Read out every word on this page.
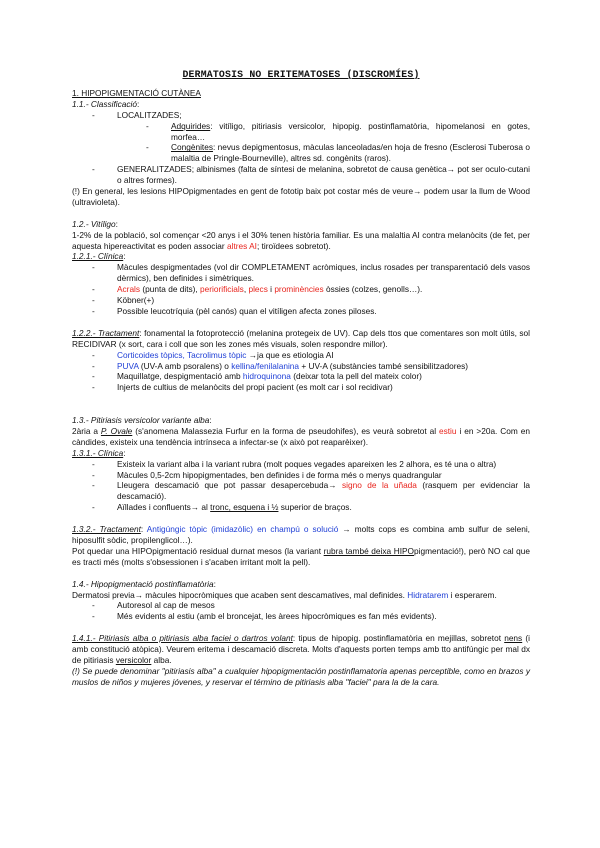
DERMATOSIS NO ERITEMATOSES (DISCROMÍES)

1. HIPOPIGMENTACIÓ CUTÀNEA

1.1.- Classificació:

- LOCALITZADES;
- Adquirides: vitíligo, pitiriasis versicolor, hipopig. postinflamatòria, hipomelanosi en gotes, morfea…
- Congènites: nevus depigmentosus, màculas lanceoladas/en hoja de fresno (Esclerosi Tuberosa o malaltia de Pringle-Bourneville), altres sd. congènits (raros).
- GENERALITZADES; albinismes (falta de síntesi de melanina, sobretot de causa genètica→ pot ser oculo-cutani o altres formes).

(!) En general, les lesions HIPOpigmentades en gent de fototip baix pot costar més de veure→ podem usar la llum de Wood (ultravioleta).

1.2.- Vitíligo:

1-2% de la població, sol començar <20 anys i el 30% tenen història familiar. Es una malaltia AI contra melanòcits (de fet, per aquesta hipereactivitat es poden associar altres AI; tiroïdees sobretot).

1.2.1.- Clínica:

- Màcules despigmentades (vol dir COMPLETAMENT acròmiques, inclus rosades per transparentació dels vasos dèrmics), ben definides i simètriques.
- Acrals (punta de dits), periorificials, plecs i prominències òssies (colzes, genolls…).
- Köbner(+)
- Possible leucotríquia (pèl canós) quan el vitíligen afecta zones piloses.

1.2.2.- Tractament: fonamental la fotoprotecció (melanina protegeix de UV). Cap dels ttos que comentares son molt útils, sol RECIDIVAR (x sort, cara i coll que son les zones més visuals, solen respondre millor).

- Corticoides tòpics, Tacrolimus tòpic →ja que es etiologia AI
- PUVA (UV-A amb psoralens) o kellina/fenilalanina + UV-A (substàncies també sensibilitzadores)
- Maquillatge, despigmentació amb hidroquinona (deixar tota la pell del mateix color)
- Injerts de cultius de melanòcits del propi pacient (es molt car i sol recidivar)

1.3.- Pitiriasis versicolor variante alba:

2ària a P. Ovale (s'anomena Malassezia Furfur en la forma de pseudohifes), es veurà sobretot al estiu i en >20a. Com en càndides, existeix una tendència intrínseca a infectar-se (x això pot reaparèixer).

1.3.1.- Clínica:

- Existeix la variant alba i la variant rubra (molt poques vegades apareixen les 2 alhora, es té una o altra)
- Màcules 0,5-2cm hipopigmentades, ben definides i de forma més o menys quadrangular
- Lleugera descamació que pot passar desapercebuda→ signo de la uñada (rasquem per evidenciar la descamació).
- Aïllades i confluents→ al tronc, esquena i ½ superior de braços.

1.3.2.- Tractament: Antigúngic tòpic (imidazòlic) en champú o solució → molts cops es combina amb sulfur de seleni, hiposulfit sòdic, propilenglicol…).

Pot quedar una HIPOpigmentació residual durnat mesos (la variant rubra també deixa HIPOpigmentació!), però NO cal que es tracti més (molts s'obsessionen i s'acaben irritant molt la pell).

1.4.- Hipopigmentació postinflamatòria:

Dermatosi previa→ màcules hipocròmiques que acaben sent descamatives, mal definides. Hidratarem i esperarem.

- Autoresol al cap de mesos
- Més evidents al estiu (amb el broncejat, les àrees hipocròmiques es fan més evidents).

1.4.1.- Pitiriasis alba o pitiriasis alba faciei o dartros volant: tipus de hipopig. postinflamatòria en mejillas, sobretot nens (i amb constitució atòpica). Veurem eritema i descamació discreta. Molts d'aquests porten temps amb tto antifúngic per mal dx de pitiriasis versicolor alba.

(!) Se puede denominar "pitiriasis alba" a cualquier hipopigmentación postinflamatoria apenas perceptible, como en brazos y muslos de niños y mujeres jóvenes, y reservar el término de pitiriasis alba "faciei" para la de la cara.
